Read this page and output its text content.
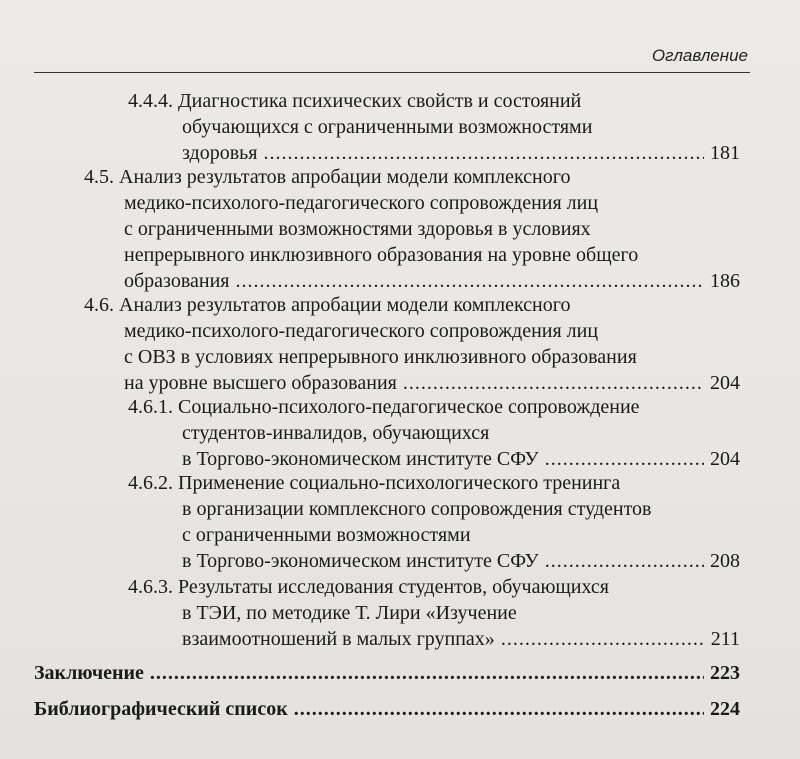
Оглавление
4.4.4. Диагностика психических свойств и состояний
обучающихся с ограниченными возможностями
здоровья .....	181
4.5. Анализ результатов апробации модели комплексного
медико-психолого-педагогического сопровождения лиц
с ограниченными возможностями здоровья в условиях
непрерывного инклюзивного образования на уровне общего
образования .....	186
4.6. Анализ результатов апробации модели комплексного
медико-психолого-педагогического сопровождения лиц
с ОВЗ в условиях непрерывного инклюзивного образования
на уровне высшего образования .....	204
4.6.1. Социально-психолого-педагогическое сопровождение
студентов-инвалидов, обучающихся
в Торгово-экономическом институте СФУ .....	204
4.6.2. Применение социально-психологического тренинга
в организации комплексного сопровождения студентов
с ограниченными возможностями
в Торгово-экономическом институте СФУ .....	208
4.6.3. Результаты исследования студентов, обучающихся
в ТЭИ, по методике Т. Лири «Изучение
взаимоотношений в малых группах» .....	211
Заключение .....	223
Библиографический список .....	224
